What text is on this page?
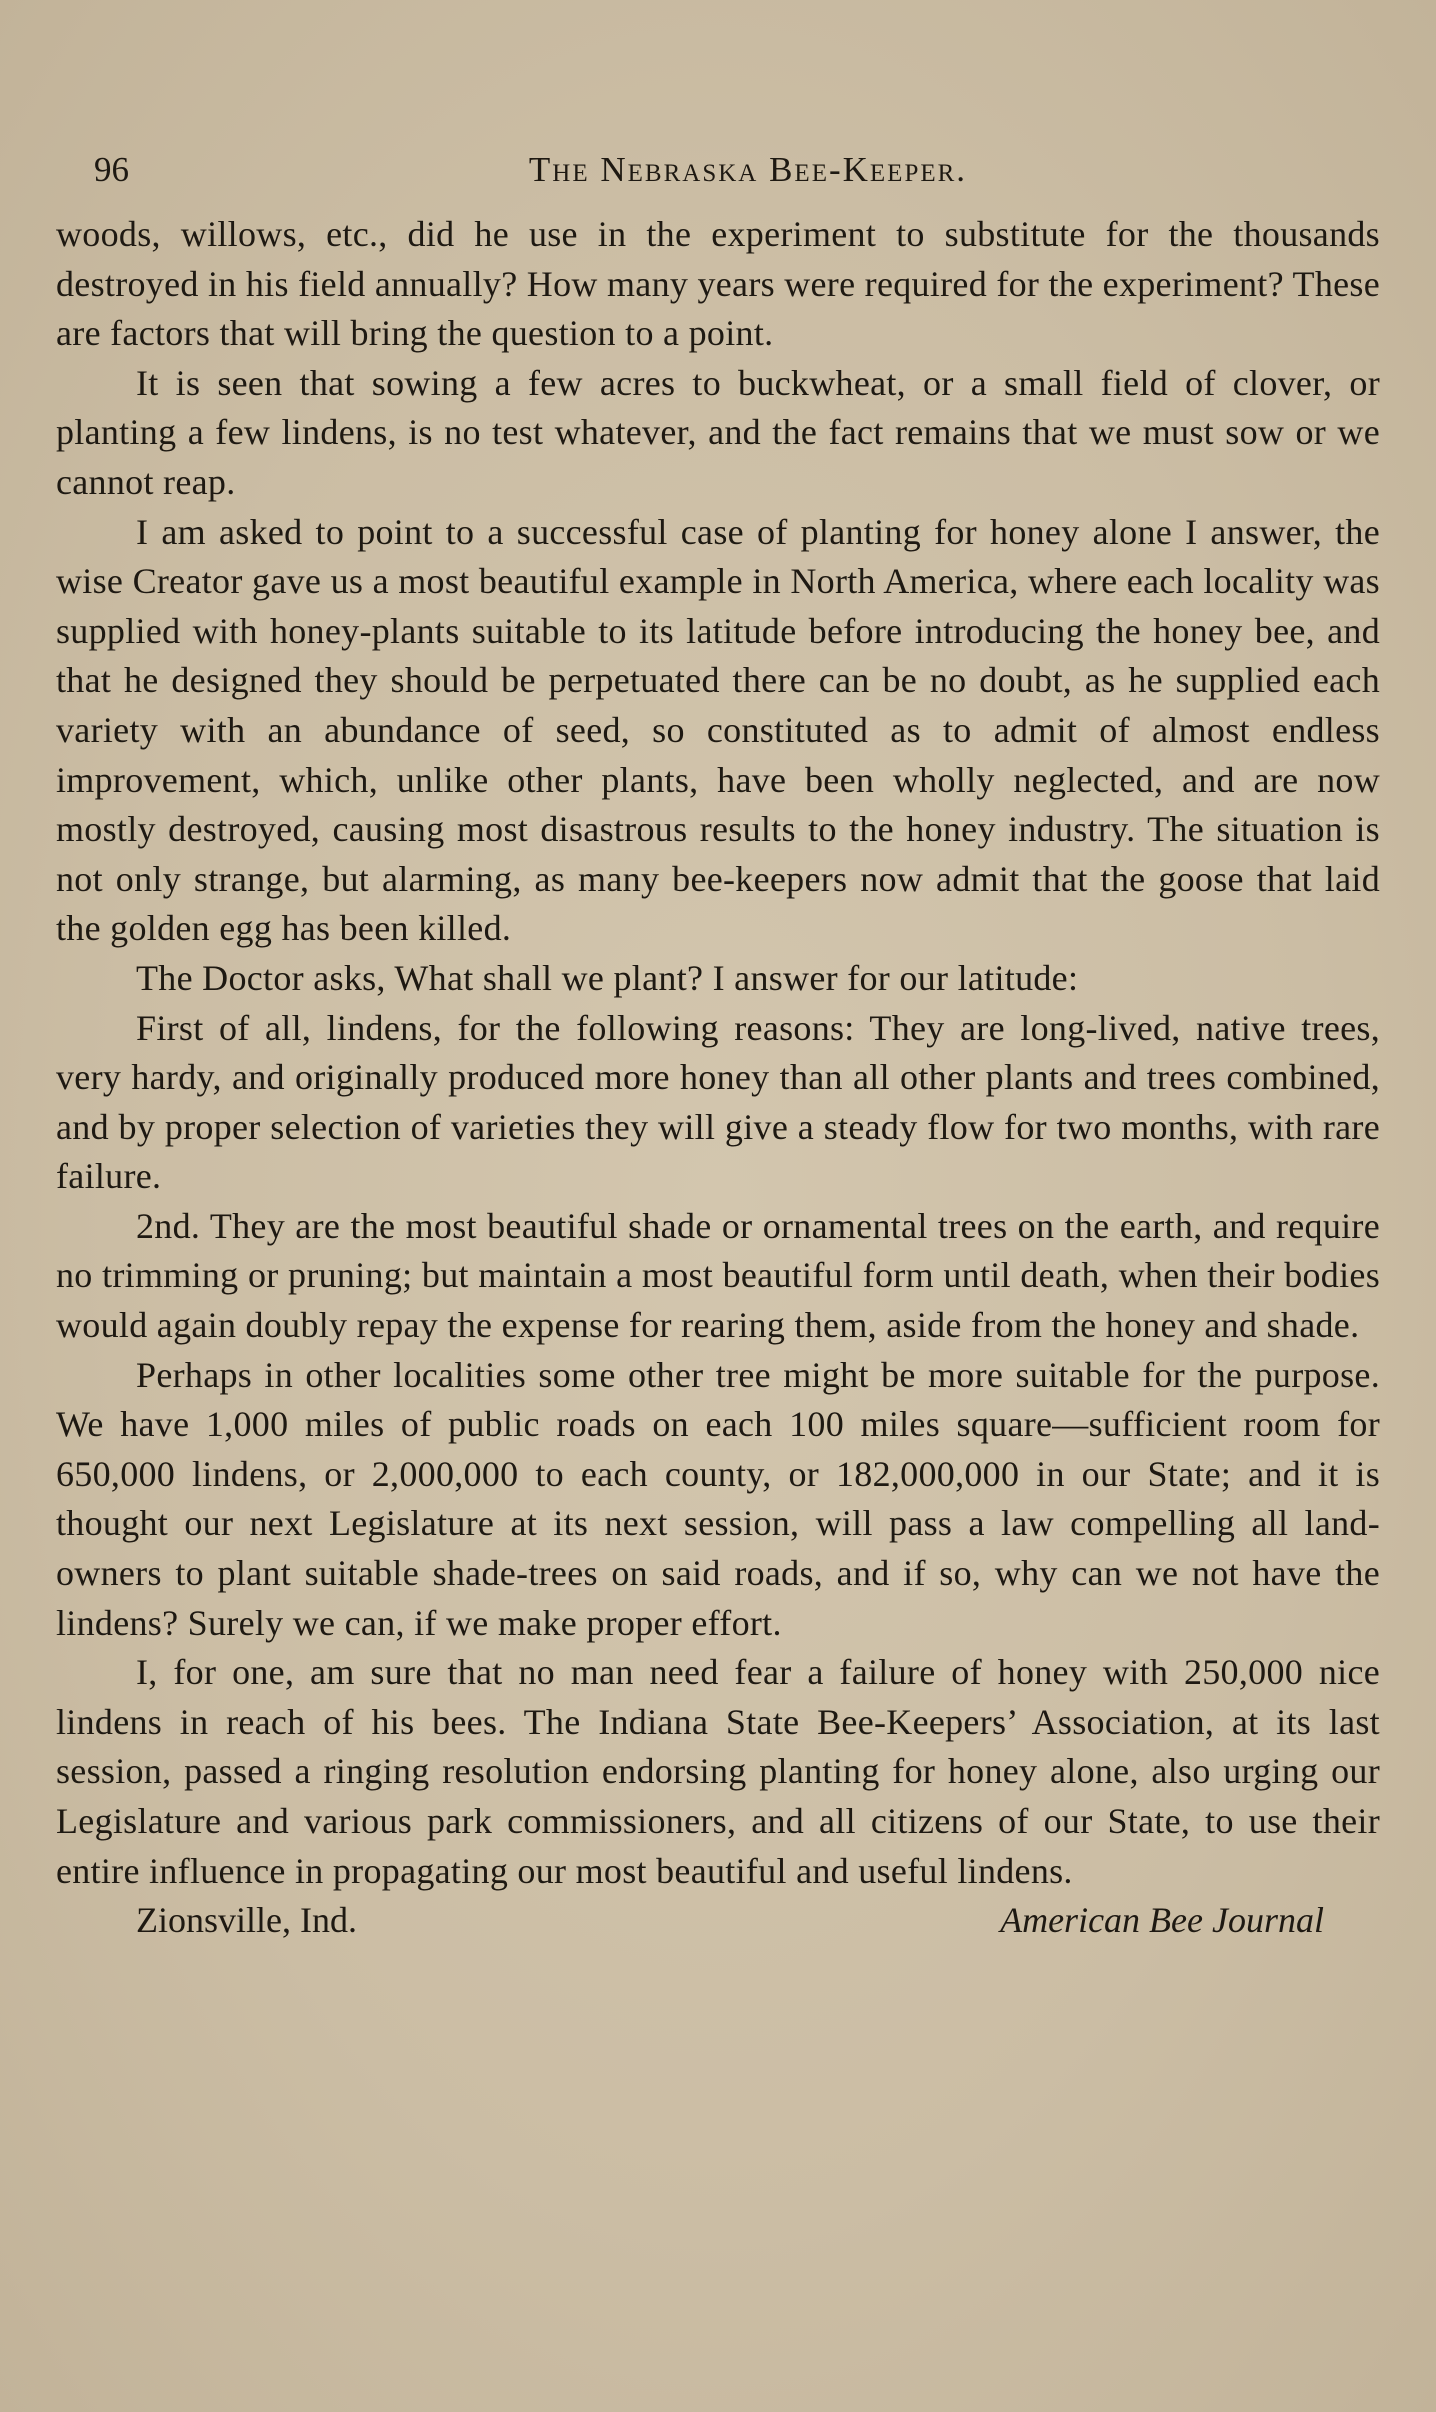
96	The Nebraska Bee-Keeper.

woods, willows, etc., did he use in the experiment to substitute for the thousands destroyed in his field annually? How many years were required for the experiment? These are factors that will bring the question to a point.

It is seen that sowing a few acres to buckwheat, or a small field of clover, or planting a few lindens, is no test whatever, and the fact remains that we must sow or we cannot reap.

I am asked to point to a successful case of planting for honey alone I answer, the wise Creator gave us a most beautiful example in North America, where each locality was supplied with honey-plants suitable to its latitude before introducing the honey bee, and that he designed they should be perpetuated there can be no doubt, as he supplied each variety with an abundance of seed, so constituted as to admit of almost endless improvement, which, unlike other plants, have been wholly neglected, and are now mostly destroyed, causing most disastrous results to the honey industry. The situation is not only strange, but alarming, as many bee-keepers now admit that the goose that laid the golden egg has been killed.

The Doctor asks, What shall we plant? I answer for our latitude:

First of all, lindens, for the following reasons: They are long-lived, native trees, very hardy, and originally produced more honey than all other plants and trees combined, and by proper selection of varieties they will give a steady flow for two months, with rare failure.

2nd. They are the most beautiful shade or ornamental trees on the earth, and require no trimming or pruning; but maintain a most beautiful form until death, when their bodies would again doubly repay the expense for rearing them, aside from the honey and shade.

Perhaps in other localities some other tree might be more suitable for the purpose. We have 1,000 miles of public roads on each 100 miles square—sufficient room for 650,000 lindens, or 2,000,000 to each county, or 182,000,000 in our State; and it is thought our next Legislature at its next session, will pass a law compelling all land-owners to plant suitable shade-trees on said roads, and if so, why can we not have the lindens? Surely we can, if we make proper effort.

I, for one, am sure that no man need fear a failure of honey with 250,000 nice lindens in reach of his bees. The Indiana State Bee-Keepers’ Association, at its last session, passed a ringing resolution endorsing planting for honey alone, also urging our Legislature and various park commissioners, and all citizens of our State, to use their entire influence in propagating our most beautiful and useful lindens.

Zionsville, Ind.	American Bee Journal
